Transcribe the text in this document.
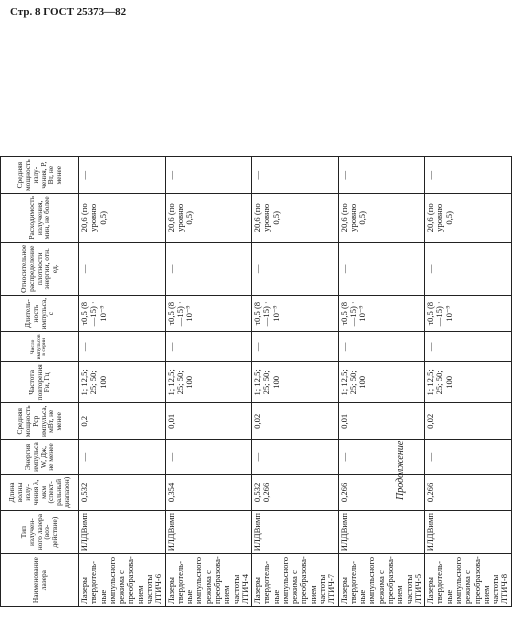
Стр. 8 ГОСТ 25373—82
Продолжение
Наименование лазера	Тип излученного лазера (воздействие)	Длина волны излучения λ, мкм (спектральный диапазон)	Энергия импульса W, Дж, не менее	Средняя мощность Рср импульса, мВт, не менее	Частота повторения Fи, Гц	Число импульсов в серии	Длительность импульса, с	Относительное распределение плотности энергии, отн. ед.	Расходимость излучения, мин, не более	Средняя мощность излучения, Р, Вт, не менее
Лазеры твердотельные импульсного режима с преобразованием частоты ЛТИЧ-6	ИЛДВимп	0,532	—	0,2	1; 12,5; 25; 50; 100	—	τ0,5 (8—15) · 10⁻⁹	—	20,6 (по уровню 0,5)	—
Лазеры твердотельные импульсного режима с преобразованием частоты ЛТИЧ-4	ИЛДВимп	0,354	—	0,01	1; 12,5; 25; 50; 100	—	τ0,5 (8—15) · 10⁻⁹	—	20,6 (по уровню 0,5)	—
Лазеры твердотельные импульсного режима с преобразованием частоты ЛТИЧ-7	ИЛДВимп	0,532 0,266	—	0,02	1; 12,5; 25; 50; 100	—	τ0,5 (8—15) · 10⁻⁹	—	20,6 (по уровню 0,5)	—
Лазеры твердотельные импульсного режима с преобразованием частоты ЛТИЧ-5	ИЛДВимп	0,266	—	0,01	1; 12,5; 25; 50; 100	—	τ0,5 (8—15) · 10⁻⁹	—	20,6 (по уровню 0,5)	—
Лазеры твердотельные импульсного режима с преобразованием частоты ЛТИЧ-8	ИЛДВимп	0,266	—	0,02	1; 12,5; 25; 50; 100	—	τ0,5 (8—15) · 10⁻⁹	—	20,6 (по уровню 0,5)	—
